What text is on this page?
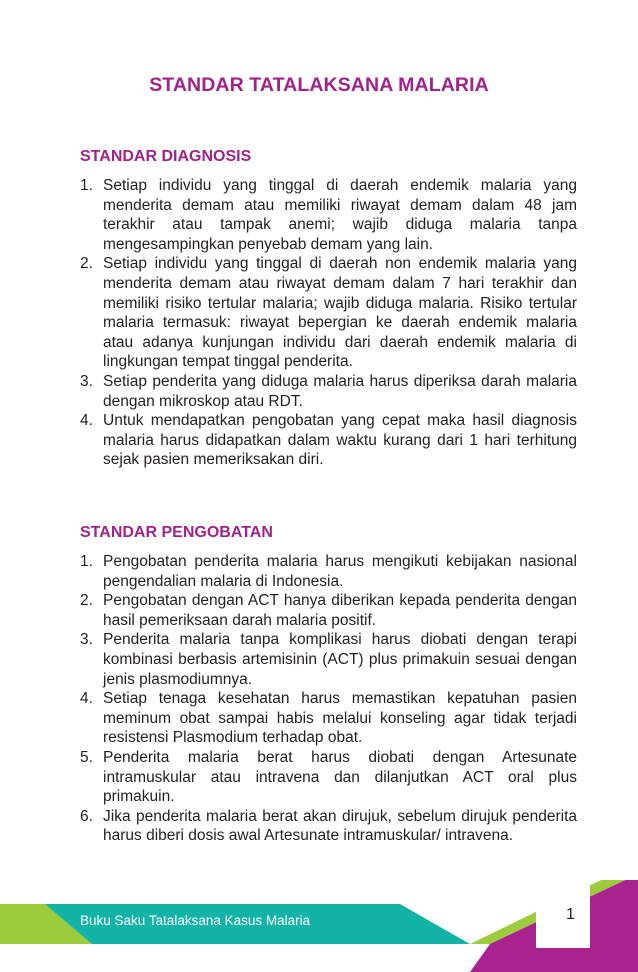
STANDAR TATALAKSANA MALARIA
STANDAR DIAGNOSIS
1. Setiap individu yang tinggal di daerah endemik malaria yang menderita demam atau memiliki riwayat demam dalam 48 jam terakhir atau tampak anemi; wajib diduga malaria tanpa mengesampingkan penyebab demam yang lain.
2. Setiap individu yang tinggal di daerah non endemik malaria yang menderita demam atau riwayat demam dalam 7 hari terakhir dan memiliki risiko tertular malaria; wajib diduga malaria. Risiko tertular malaria termasuk: riwayat bepergian ke daerah endemik malaria atau adanya kunjungan individu dari daerah endemik malaria di lingkungan tempat tinggal penderita.
3. Setiap penderita yang diduga malaria harus diperiksa darah malaria dengan mikroskop atau RDT.
4. Untuk mendapatkan pengobatan yang cepat maka hasil diagnosis malaria harus didapatkan dalam waktu kurang dari 1 hari terhitung sejak pasien memeriksakan diri.
STANDAR PENGOBATAN
1. Pengobatan penderita malaria harus mengikuti kebijakan nasional pengendalian malaria di Indonesia.
2. Pengobatan dengan ACT hanya diberikan kepada penderita dengan hasil pemeriksaan darah malaria positif.
3. Penderita malaria tanpa komplikasi harus diobati dengan terapi kombinasi berbasis artemisinin (ACT) plus primakuin sesuai dengan jenis plasmodiumnya.
4. Setiap tenaga kesehatan harus memastikan kepatuhan pasien meminum obat sampai habis melalui konseling agar tidak terjadi resistensi Plasmodium terhadap obat.
5. Penderita malaria berat harus diobati dengan Artesunate intramuskular atau intravena dan dilanjutkan ACT oral plus primakuin.
6. Jika penderita malaria berat akan dirujuk, sebelum dirujuk penderita harus diberi dosis awal Artesunate intramuskular/ intravena.

Buku Saku Tatalaksana Kasus Malaria	1
